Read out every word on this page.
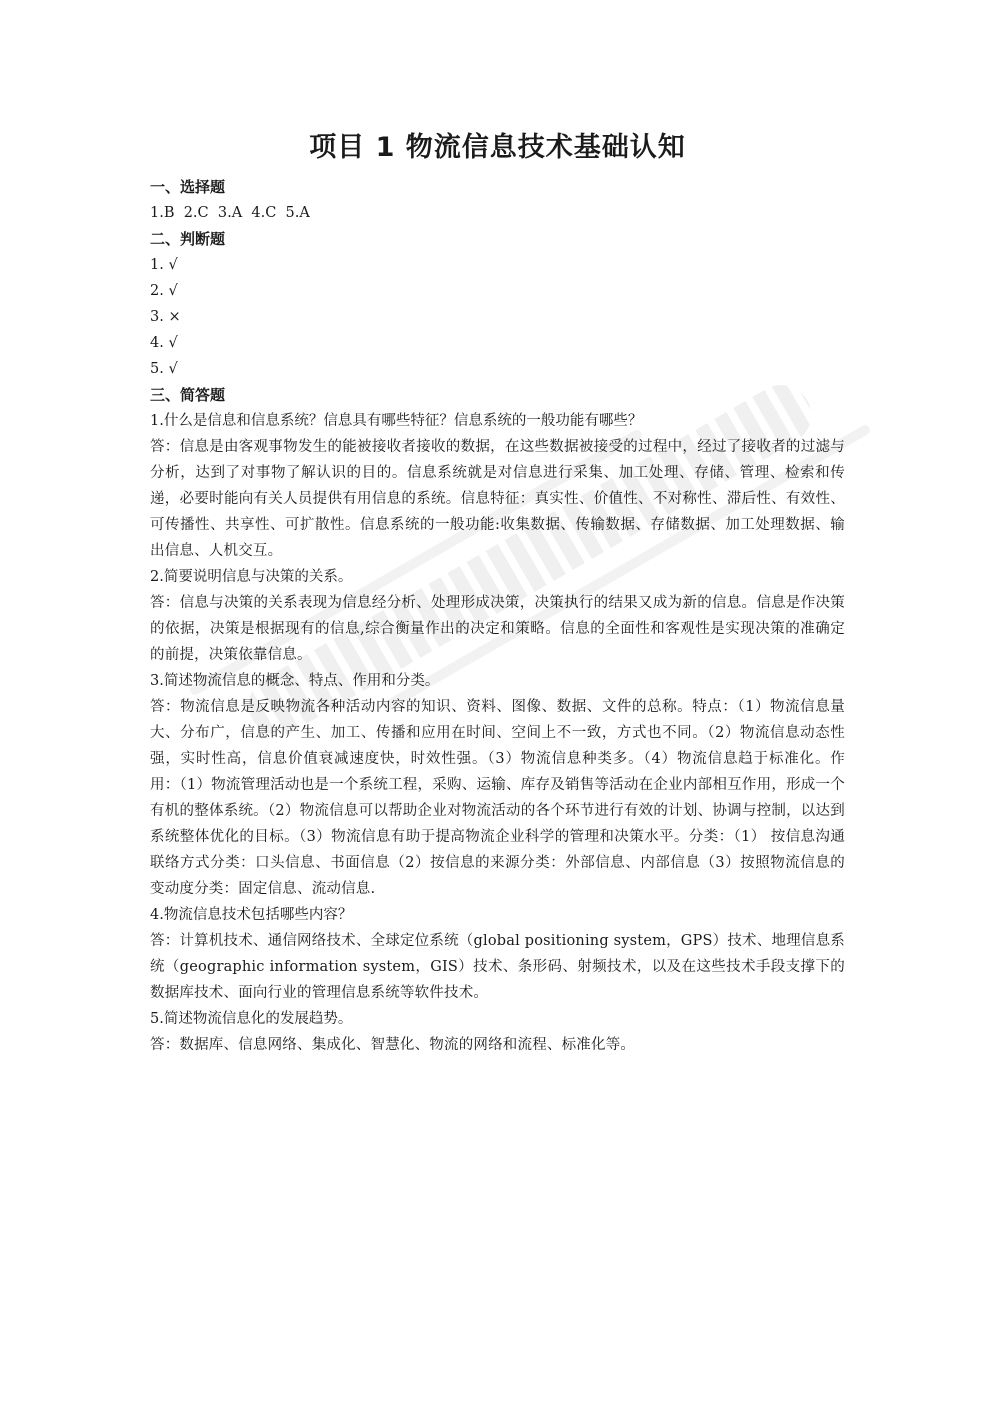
项目 1 物流信息技术基础认知
一、选择题
1.B  2.C  3.A  4.C  5.A
二、判断题
1. √
2. √
3. ×
4. √
5. √
三、简答题
1.什么是信息和信息系统？信息具有哪些特征？信息系统的一般功能有哪些？
答：信息是由客观事物发生的能被接收者接收的数据，在这些数据被接受的过程中，经过了接收者的过滤与分析，达到了对事物了解认识的目的。信息系统就是对信息进行采集、加工处理、存储、管理、检索和传递，必要时能向有关人员提供有用信息的系统。信息特征：真实性、价值性、不对称性、滞后性、有效性、可传播性、共享性、可扩散性。信息系统的一般功能:收集数据、传输数据、存储数据、加工处理数据、输出信息、人机交互。
2.简要说明信息与决策的关系。
答：信息与决策的关系表现为信息经分析、处理形成决策，决策执行的结果又成为新的信息。信息是作决策的依据，决策是根据现有的信息,综合衡量作出的决定和策略。信息的全面性和客观性是实现决策的准确定的前提，决策依靠信息。
3.简述物流信息的概念、特点、作用和分类。
答：物流信息是反映物流各种活动内容的知识、资料、图像、数据、文件的总称。特点：（1）物流信息量大、分布广，信息的产生、加工、传播和应用在时间、空间上不一致，方式也不同。（2）物流信息动态性强，实时性高，信息价值衰减速度快，时效性强。（3）物流信息种类多。（4）物流信息趋于标准化。作用：（1）物流管理活动也是一个系统工程，采购、运输、库存及销售等活动在企业内部相互作用，形成一个有机的整体系统。（2）物流信息可以帮助企业对物流活动的各个环节进行有效的计划、协调与控制，以达到系统整体优化的目标。（3）物流信息有助于提高物流企业科学的管理和决策水平。分类：（1） 按信息沟通联络方式分类：口头信息、书面信息（2）按信息的来源分类：外部信息、内部信息（3）按照物流信息的变动度分类：固定信息、流动信息.
4.物流信息技术包括哪些内容？
答：计算机技术、通信网络技术、全球定位系统（global positioning system，GPS）技术、地理信息系统（geographic information system，GIS）技术、条形码、射频技术，以及在这些技术手段支撑下的数据库技术、面向行业的管理信息系统等软件技术。
5.简述物流信息化的发展趋势。
答：数据库、信息网络、集成化、智慧化、物流的网络和流程、标准化等。
